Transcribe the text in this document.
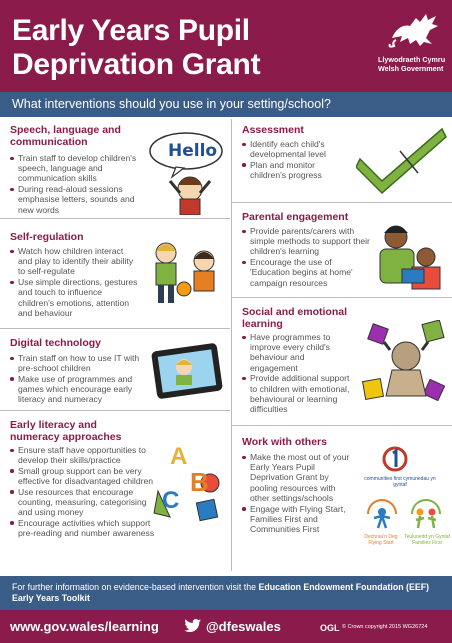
Early Years Pupil
Deprivation Grant	Llywodraeth Cymru
Welsh Government
What interventions should you use in your setting/school?
Speech, language and
communication
Train staff to develop children's speech, language and communication skills
During read-aloud sessions emphasise letters, sounds and new words
Hello
Self-regulation
Watch how children interact and play to identify their ability to self-regulate
Use simple directions, gestures and touch to influence children's emotions, attention and behaviour
Digital technology
Train staff on how to use IT with pre-school children
Make use of programmes and games which encourage early literacy and numeracy
Early literacy and
numeracy approaches
Ensure staff have opportunities to develop their skills/practice
Small group support can be very effective for disadvantaged children
Use resources that encourage counting, measuring, categorising and using money
Encourage activities which support pre-reading and number awareness
A
B
C
Assessment
Identify each child's developmental level
Plan and monitor children's progress
Parental engagement
Provide parents/carers with simple methods to support their children's learning
Encourage the use of 'Education begins at home' campaign resources
Social and emotional
learning
Have programmes to improve every child's behaviour and engagement
Provide additional support to children with emotional, behavioural or learning difficulties
Work with others
Make the most out of your Early Years Pupil Deprivation Grant by pooling resources with other settings/schools
Engage with Flying Start, Families First and Communities First
communities first cymunedau yn gyntaf
Dechrau'n Deg Flying Start
Teuluoedd yn Gyntaf Families First
For further information on evidence-based intervention visit the Education Endowment Foundation (EEF) Early Years Toolkit
www.gov.wales/learning	@dfeswales	OGL © Crown copyright 2015 WG26724
